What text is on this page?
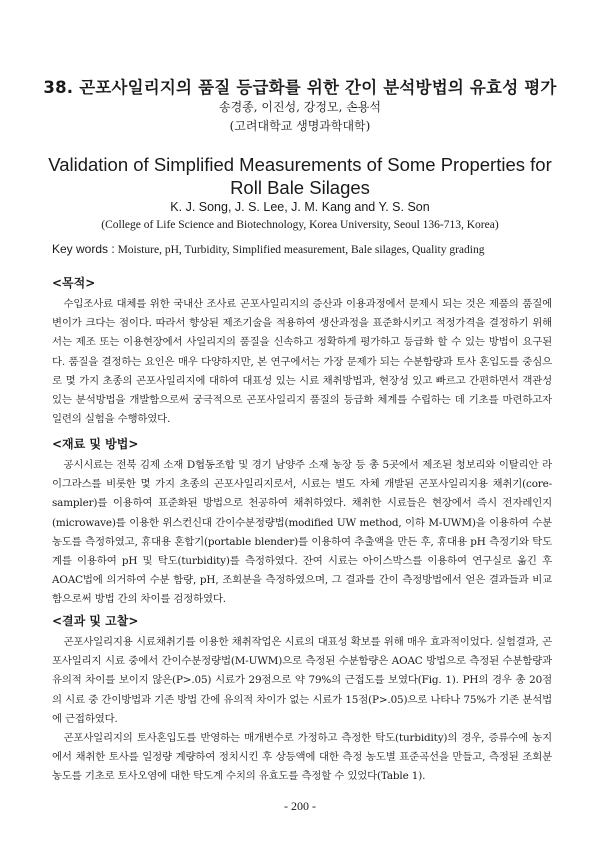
38. 곤포사일리지의 품질 등급화를 위한 간이 분석방법의 유효성 평가
송경종, 이진성, 강정모, 손용석
(고려대학교 생명과학대학)
Validation of Simplified Measurements of Some Properties for Roll Bale Silages
K. J. Song, J. S. Lee, J. M. Kang and Y. S. Son
(College of Life Science and Biotechnology, Korea University, Seoul 136-713, Korea)
Key words : Moisture, pH, Turbidity, Simplified measurement, Bale silages, Quality grading
<목적>

수입조사료 대체를 위한 국내산 조사료 곤포사일리지의 증산과 이용과정에서 문제시 되는 것은 제품의 품질에 변이가 크다는 점이다. 따라서 향상된 제조기술을 적용하여 생산과정을 표준화시키고 적정가격을 결정하기 위해서는 제조 또는 이용현장에서 사일리지의 품질을 신속하고 정확하게 평가하고 등급화 할 수 있는 방법이 요구된다. 품질을 결정하는 요인은 매우 다양하지만, 본 연구에서는 가장 문제가 되는 수분함량과 토사 혼입도를 중심으로 몇 가지 초종의 곤포사일리지에 대하여 대표성 있는 시료 채취방법과, 현장성 있고 빠르고 간편하면서 객관성 있는 분석방법을 개발함으로써 궁극적으로 곤포사일리지 품질의 등급화 체계를 수립하는 데 기초를 마련하고자 일련의 실험을 수행하였다.

<재료 및 방법>

공시시료는 전북 김제 소재 D협동조합 및 경기 남양주 소재 농장 등 총 5곳에서 제조된 청보리와 이탈리안 라이그라스를 비롯한 몇 가지 초종의 곤포사일리지로서, 시료는 별도 자체 개발된 곤포사일리지용 채취기(core-sampler)를 이용하여 표준화된 방법으로 천공하여 채취하였다. 채취한 시료들은 현장에서 즉시 전자레인지(microwave)를 이용한 위스컨신대 간이수분정량법(modified UW method, 이하 M-UWM)을 이용하여 수분농도를 측정하였고, 휴대용 혼합기(portable blender)를 이용하여 추출액을 만든 후, 휴대용 pH 측정기와 탁도계를 이용하여 pH 및 탁도(turbidity)를 측정하였다. 잔여 시료는 아이스박스를 이용하여 연구실로 옮긴 후 AOAC법에 의거하여 수분 함량, pH, 조회분을 측정하였으며, 그 결과를 간이 측정방법에서 얻은 결과들과 비교함으로써 방법 간의 차이를 검정하였다.

<결과 및 고찰>

곤포사일리지용 시료채취기를 이용한 채취작업은 시료의 대표성 확보를 위해 매우 효과적이었다. 실험결과, 곤포사일리지 시료 중에서 간이수분정량법(M-UWM)으로 측정된 수분함량은 AOAC 방법으로 측정된 수분함량과 유의적 차이를 보이지 않은(P>.05) 시료가 29점으로 약 79%의 근접도를 보였다(Fig. 1). PH의 경우 총 20점의 시료 중 간이방법과 기존 방법 간에 유의적 차이가 없는 시료가 15점(P>.05)으로 나타나 75%가 기존 분석법에 근접하였다.

곤포사일리지의 토사혼입도를 반영하는 매개변수로 가정하고 측정한 탁도(turbidity)의 경우, 증류수에 농지에서 채취한 토사를 일정량 계량하여 정치시킨 후 상등액에 대한 측정 농도별 표준곡선을 만들고, 측정된 조회분 농도를 기초로 토사오염에 대한 탁도계 수치의 유효도를 측정할 수 있었다(Table 1).

- 200 -
